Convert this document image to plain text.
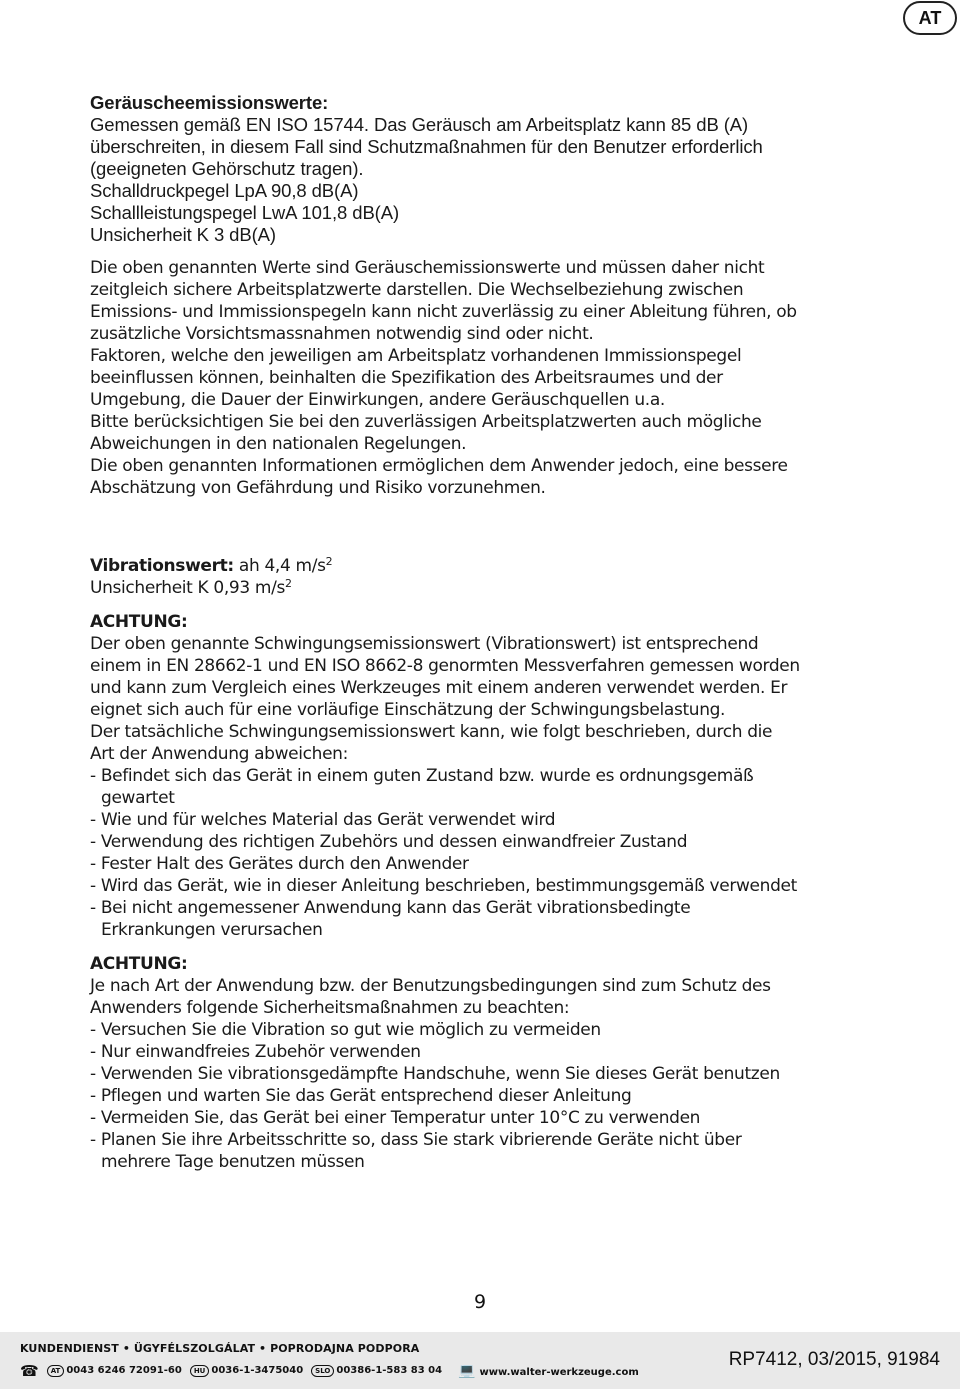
AT
Geräuscheemissionswerte:
Gemessen gemäß EN ISO 15744. Das Geräusch am Arbeitsplatz kann 85 dB (A)
überschreiten, in diesem Fall sind Schutzmaßnahmen für den Benutzer erforderlich
(geeigneten Gehörschutz tragen).
Schalldruckpegel LpA 90,8 dB(A)
Schallleistungspegel LwA 101,8 dB(A)
Unsicherheit K 3 dB(A)
Die oben genannten Werte sind Geräuschemissionswerte und müssen daher nicht
zeitgleich sichere Arbeitsplatzwerte darstellen. Die Wechselbeziehung zwischen
Emissions- und Immissionspegeln kann nicht zuverlässig zu einer Ableitung führen, ob
zusätzliche Vorsichtsmassnahmen notwendig sind oder nicht.
Faktoren, welche den jeweiligen am Arbeitsplatz vorhandenen Immissionspegel
beeinflussen können, beinhalten die Spezifikation des Arbeitsraumes und der
Umgebung, die Dauer der Einwirkungen, andere Geräuschquellen u.a.
Bitte berücksichtigen Sie bei den zuverlässigen Arbeitsplatzwerten auch mögliche
Abweichungen in den nationalen Regelungen.
Die oben genannten Informationen ermöglichen dem Anwender jedoch, eine bessere
Abschätzung von Gefährdung und Risiko vorzunehmen.
Vibrationswert: ah 4,4 $m/s^2$
Unsicherheit K 0,93 $m/s^2$
ACHTUNG:
Der oben genannte Schwingungsemissionswert (Vibrationswert) ist entsprechend
einem in EN 28662-1 und EN ISO 8662-8 genormten Messverfahren gemessen worden
und kann zum Vergleich eines Werkzeuges mit einem anderen verwendet werden. Er
eignet sich auch für eine vorläufige Einschätzung der Schwingungsbelastung.
Der tatsächliche Schwingungsemissionswert kann, wie folgt beschrieben, durch die
Art der Anwendung abweichen:
- Befindet sich das Gerät in einem guten Zustand bzw. wurde es ordnungsgemäß
gewartet
- Wie und für welches Material das Gerät verwendet wird
- Verwendung des richtigen Zubehörs und dessen einwandfreier Zustand
- Fester Halt des Gerätes durch den Anwender
- Wird das Gerät, wie in dieser Anleitung beschrieben, bestimmungsgemäß verwendet
- Bei nicht angemessener Anwendung kann das Gerät vibrationsbedingte
Erkrankungen verursachen
ACHTUNG:
Je nach Art der Anwendung bzw. der Benutzungsbedingungen sind zum Schutz des
Anwenders folgende Sicherheitsmaßnahmen zu beachten:
- Versuchen Sie die Vibration so gut wie möglich zu vermeiden
- Nur einwandfreies Zubehör verwenden
- Verwenden Sie vibrationsgedämpfte Handschuhe, wenn Sie dieses Gerät benutzen
- Pflegen und warten Sie das Gerät entsprechend dieser Anleitung
- Vermeiden Sie, das Gerät bei einer Temperatur unter 10°C zu verwenden
- Planen Sie ihre Arbeitsschritte so, dass Sie stark vibrierende Geräte nicht über
mehrere Tage benutzen müssen
9
KUNDENDIENST • ÜGYFÉLSZOLGÁLAT • POPRODAJNA PODPORA
☎	AT 0043 6246 72091-60	HU 0036-1-3475040	SLO 00386-1-583 83 04 💻 www.walter-werkzeuge.com
RP7412, 03/2015, 91984
